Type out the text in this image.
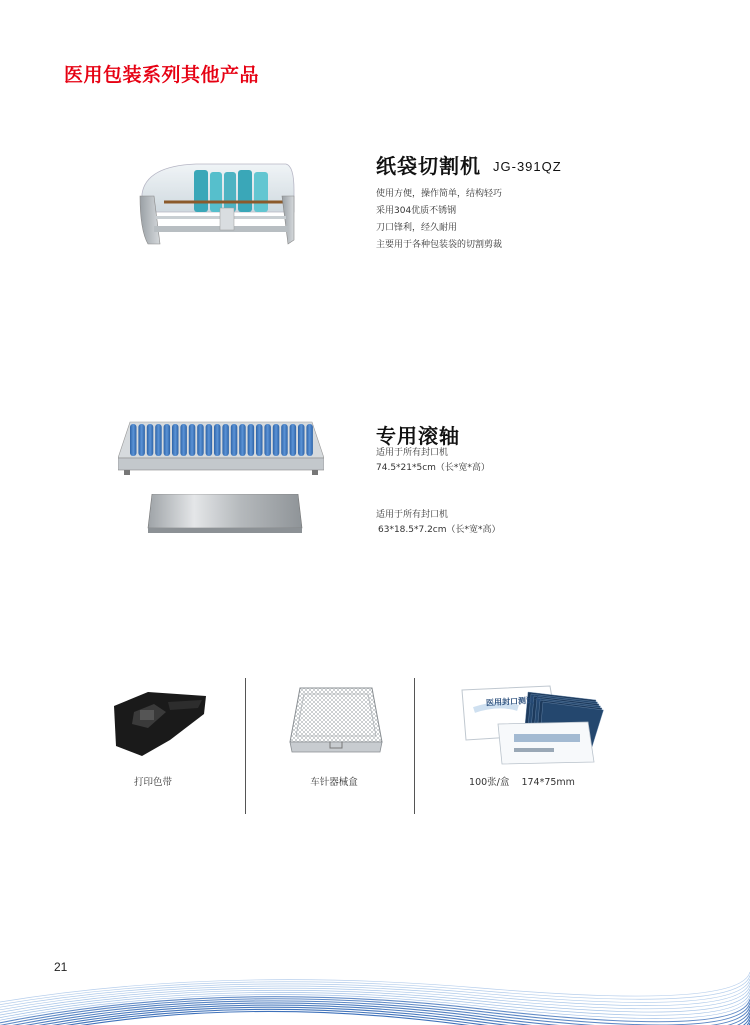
医用包装系列其他产品
纸袋切割机 JG-391QZ
使用方便，操作简单，结构轻巧
采用304优质不锈钢
刀口锋利，经久耐用
主要用于各种包装袋的切割剪裁
专用滚轴
适用于所有封口机
74.5*21*5cm（长*宽*高）
适用于所有封口机
63*18.5*7.2cm（长*宽*高）
打印色带	车针器械盒
医用封口测试卡
100张/盒    174*75mm
21
